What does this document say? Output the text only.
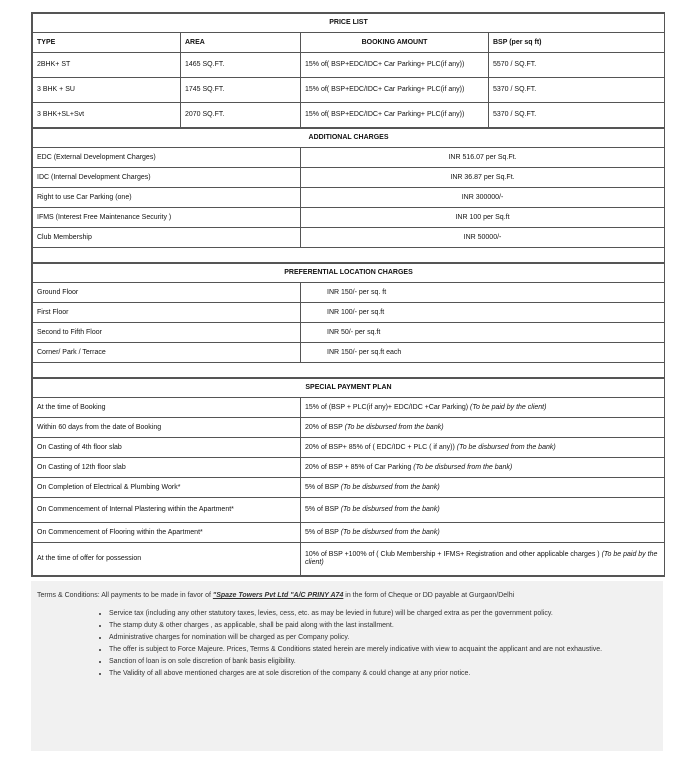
PRICE LIST			
TYPE	AREA	BOOKING AMOUNT	BSP (per sq ft)
2BHK+ ST	1465 SQ.FT.	15% of( BSP+EDC/IDC+ Car Parking+ PLC(if any))	5570 / SQ.FT.
3 BHK + SU	1745 SQ.FT.	15% of( BSP+EDC/IDC+ Car Parking+ PLC(if any))	5370 / SQ.FT.
3 BHK+SL+Svt	2070 SQ.FT.	15% of( BSP+EDC/IDC+ Car Parking+ PLC(if any))	5370 / SQ.FT.
ADDITIONAL CHARGES	
EDC (External Development Charges)	INR 516.07 per Sq.Ft.
IDC (Internal Development Charges)	INR 36.87 per Sq.Ft.
Right to use Car Parking (one)	INR 300000/-
IFMS (Interest Free Maintenance Security )	INR 100 per Sq.ft
Club Membership	INR 50000/-

PREFERENTIAL LOCATION CHARGES	
Ground Floor	INR 150/- per sq. ft
First Floor	INR 100/- per sq.ft
Second to Fifth Floor	INR 50/- per sq.ft
Corner/ Park / Terrace	INR 150/- per sq.ft each

SPECIAL PAYMENT PLAN	
At the time of Booking	15% of (BSP + PLC(if any)+ EDC/IDC +Car Parking) (To be paid by the client)
Within 60 days from the date of Booking	20% of BSP (To be disbursed from the bank)
On Casting of 4th floor slab	20% of BSP+ 85% of ( EDC/IDC + PLC ( if any)) (To be disbursed from the bank)
On Casting of 12th floor slab	20% of BSP + 85% of Car Parking (To be disbursed from the bank)
On Completion of Electrical & Plumbing Work*	5% of BSP (To be disbursed from the bank)
On Commencement of Internal Plastering within the Apartment*	5% of BSP (To be disbursed from the bank)
On Commencement of Flooring within the Apartment*	5% of BSP (To be disbursed from the bank)
At the time of offer for possession	10% of BSP +100% of ( Club Membership + IFMS+ Registration and other applicable charges ) (To be paid by the client)

Terms & Conditions: All payments to be made in favor of "Spaze Towers Pvt Ltd "A/C PRINY A74 in the form of Cheque or DD payable at Gurgaon/Delhi

• Service tax (including any other statutory taxes, levies, cess, etc. as may be levied in future) will be charged extra as per the government policy.
• The stamp duty & other charges , as applicable, shall be paid along with the last installment.
• Administrative charges for nomination will be charged as per Company policy.
• The offer is subject to Force Majeure. Prices, Terms & Conditions stated herein are merely indicative with view to acquaint the applicant and are not exhaustive.
• Sanction of loan is on sole discretion of bank basis eligibility.
• The Validity of all above mentioned charges are at sole discretion of the company & could change at any prior notice.
